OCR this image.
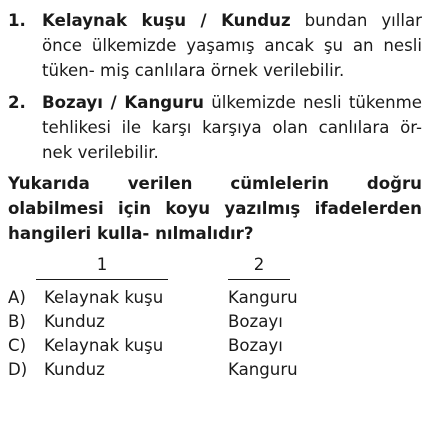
1. Kelaynak kuşu / Kunduz bundan yıllar önce ülkemizde yaşamış ancak şu an nesli tüken- miş canlılara örnek verilebilir.
2. Bozayı / Kanguru ülkemizde nesli tükenme tehlikesi ile karşı karşıya olan canlılara ör- nek verilebilir.
Yukarıda verilen cümlelerin doğru olabilmesi için koyu yazılmış ifadelerden hangileri kulla- nılmalıdır?
1	2
A) Kelaynak kuşu	Kanguru
B) Kunduz	Bozayı
C) Kelaynak kuşu	Bozayı
D) Kunduz	Kanguru
